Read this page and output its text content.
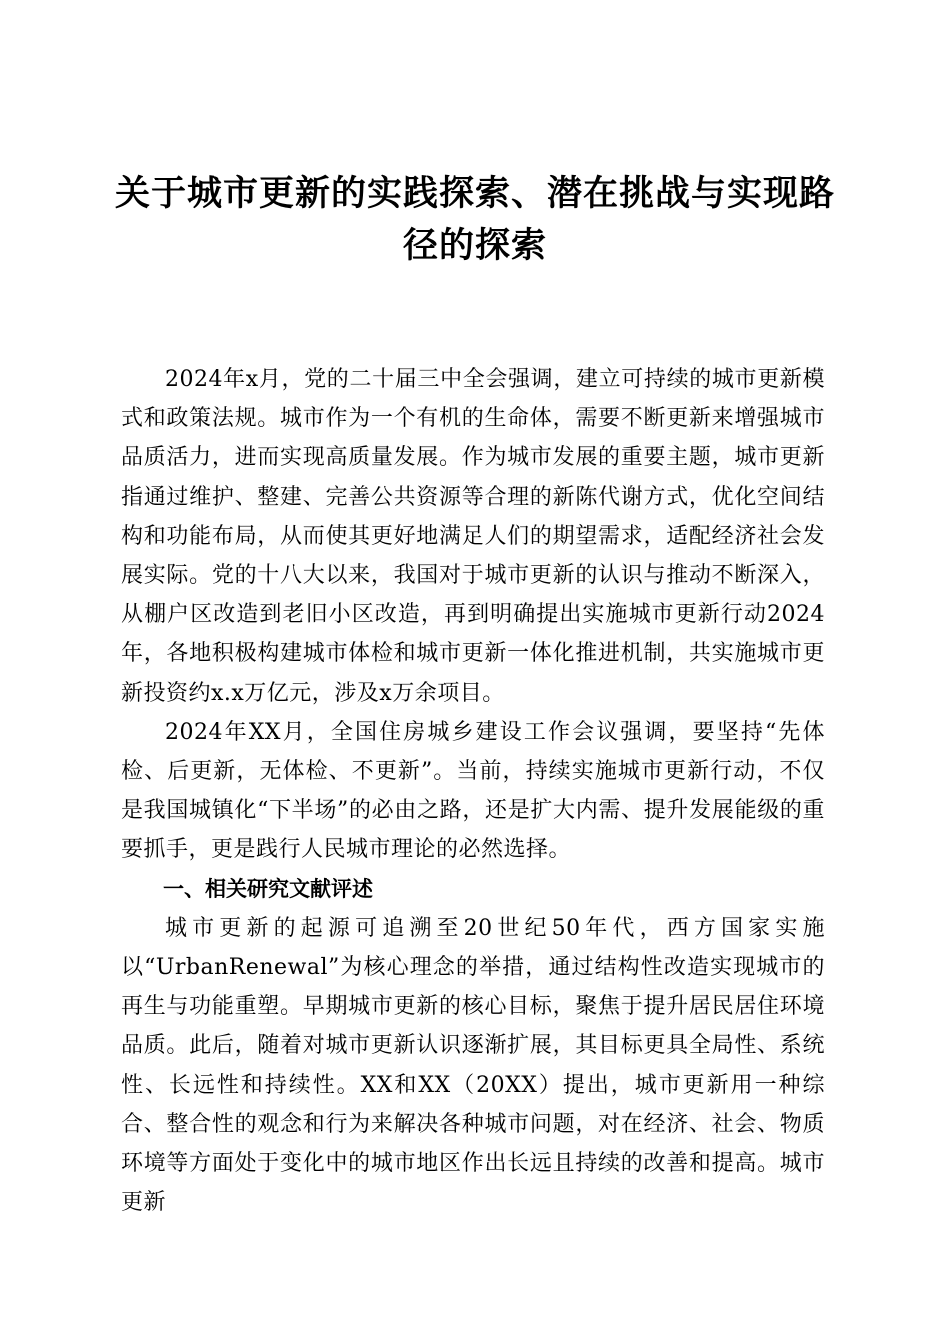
关于城市更新的实践探索、潜在挑战与实现路
径的探索

2024年x月，党的二十届三中全会强调，建立可持续的城市更新模式和政策法规。城市作为一个有机的生命体，需要不断更新来增强城市品质活力，进而实现高质量发展。作为城市发展的重要主题，城市更新指通过维护、整建、完善公共资源等合理的新陈代谢方式，优化空间结构和功能布局，从而使其更好地满足人们的期望需求，适配经济社会发展实际。党的十八大以来，我国对于城市更新的认识与推动不断深入，从棚户区改造到老旧小区改造，再到明确提出实施城市更新行动2024年，各地积极构建城市体检和城市更新一体化推进机制，共实施城市更新投资约x.x万亿元，涉及x万余项目。

2024年XX月，全国住房城乡建设工作会议强调，要坚持“先体检、后更新，无体检、不更新”。当前，持续实施城市更新行动，不仅是我国城镇化“下半场”的必由之路，还是扩大内需、提升发展能级的重要抓手，更是践行人民城市理论的必然选择。

一、相关研究文献评述

城市更新的起源可追溯至20世纪50年代，西方国家实施以“UrbanRenewal”为核心理念的举措，通过结构性改造实现城市的再生与功能重塑。早期城市更新的核心目标，聚焦于提升居民居住环境品质。此后，随着对城市更新认识逐渐扩展，其目标更具全局性、系统性、长远性和持续性。XX和XX（20XX）提出，城市更新用一种综合、整合性的观念和行为来解决各种城市问题，对在经济、社会、物质环境等方面处于变化中的城市地区作出长远且持续的改善和提高。城市更新
